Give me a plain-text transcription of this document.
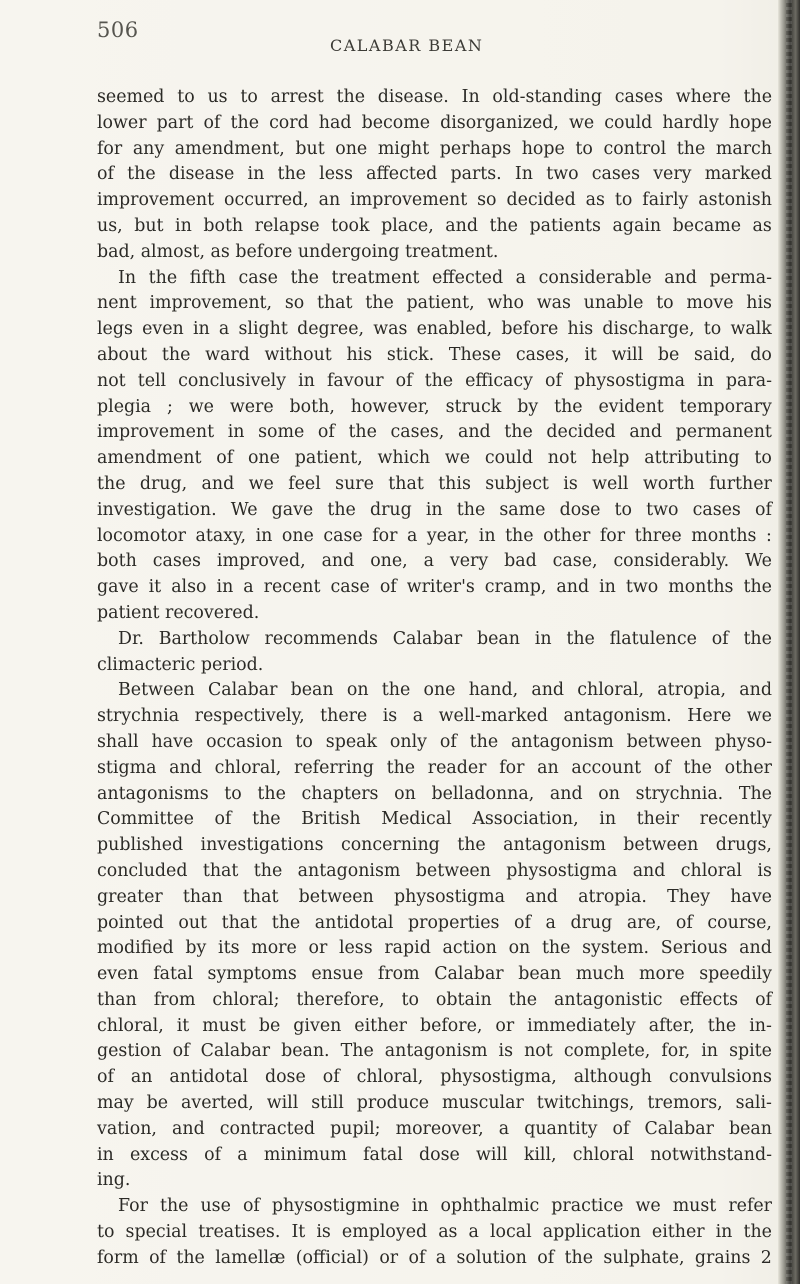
506
CALABAR BEAN
seemed to us to arrest the disease. In old-standing cases where the
lower part of the cord had become disorganized, we could hardly hope
for any amendment, but one might perhaps hope to control the march
of the disease in the less affected parts. In two cases very marked
improvement occurred, an improvement so decided as to fairly astonish
us, but in both relapse took place, and the patients again became as
bad, almost, as before undergoing treatment.
In the fifth case the treatment effected a considerable and perma-
nent improvement, so that the patient, who was unable to move his
legs even in a slight degree, was enabled, before his discharge, to walk
about the ward without his stick. These cases, it will be said, do
not tell conclusively in favour of the efficacy of physostigma in para-
plegia ; we were both, however, struck by the evident temporary
improvement in some of the cases, and the decided and permanent
amendment of one patient, which we could not help attributing to
the drug, and we feel sure that this subject is well worth further
investigation. We gave the drug in the same dose to two cases of
locomotor ataxy, in one case for a year, in the other for three months :
both cases improved, and one, a very bad case, considerably. We
gave it also in a recent case of writer's cramp, and in two months the
patient recovered.
Dr. Bartholow recommends Calabar bean in the flatulence of the
climacteric period.
Between Calabar bean on the one hand, and chloral, atropia, and
strychnia respectively, there is a well-marked antagonism. Here we
shall have occasion to speak only of the antagonism between physo-
stigma and chloral, referring the reader for an account of the other
antagonisms to the chapters on belladonna, and on strychnia. The
Committee of the British Medical Association, in their recently
published investigations concerning the antagonism between drugs,
concluded that the antagonism between physostigma and chloral is
greater than that between physostigma and atropia. They have
pointed out that the antidotal properties of a drug are, of course,
modified by its more or less rapid action on the system. Serious and
even fatal symptoms ensue from Calabar bean much more speedily
than from chloral; therefore, to obtain the antagonistic effects of
chloral, it must be given either before, or immediately after, the in-
gestion of Calabar bean. The antagonism is not complete, for, in spite
of an antidotal dose of chloral, physostigma, although convulsions
may be averted, will still produce muscular twitchings, tremors, sali-
vation, and contracted pupil; moreover, a quantity of Calabar bean
in excess of a minimum fatal dose will kill, chloral notwithstand-
ing.
For the use of physostigmine in ophthalmic practice we must refer
to special treatises. It is employed as a local application either in the
form of the lamellæ (official) or of a solution of the sulphate, grains 2
